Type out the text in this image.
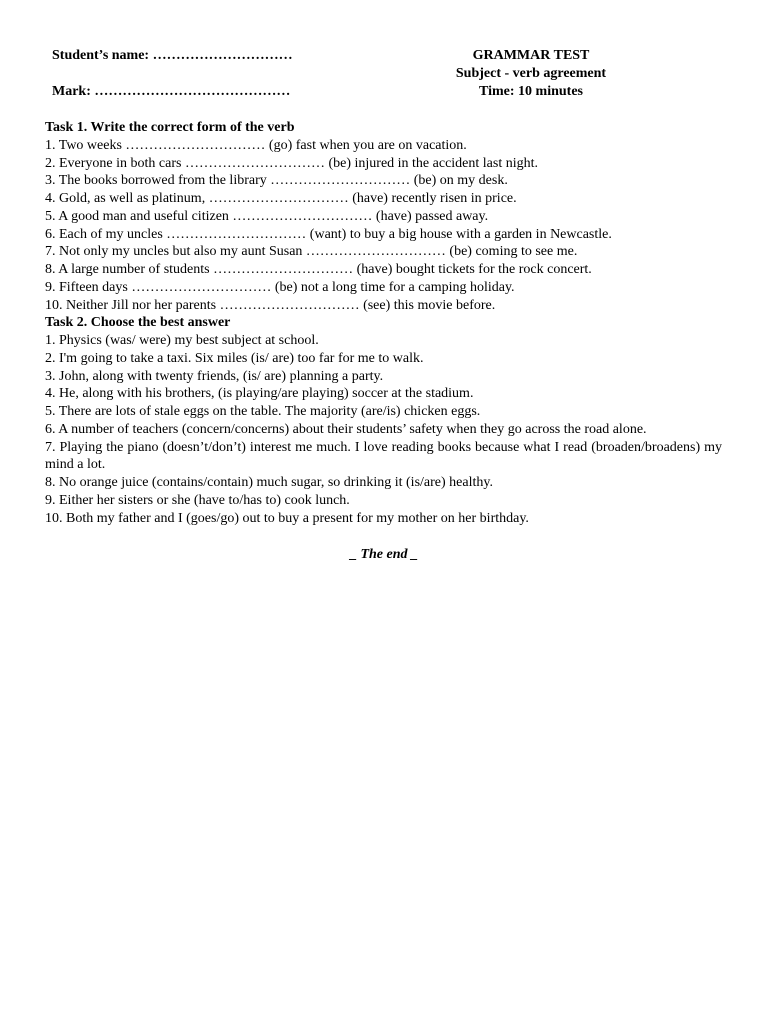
Student’s name: …………………………
Mark: ……………………………………
GRAMMAR TEST
Subject - verb agreement
Time: 10 minutes
Task 1. Write the correct form of the verb
1. Two weeks ………………………… (go) fast when you are on vacation.
2. Everyone in both cars ………………………… (be) injured in the accident last night.
3. The books borrowed from the library ………………………… (be) on my desk.
4. Gold, as well as platinum, ………………………… (have) recently risen in price.
5. A good man and useful citizen ………………………… (have) passed away.
6. Each of my uncles ………………………… (want) to buy a big house with a garden in Newcastle.
7. Not only my uncles but also my aunt Susan ………………………… (be) coming to see me.
8. A large number of students ………………………… (have) bought tickets for the rock concert.
9. Fifteen days ………………………… (be) not a long time for a camping holiday.
10. Neither Jill nor her parents ………………………… (see) this movie before.
Task 2. Choose the best answer
1. Physics (was/ were) my best subject at school.
2. I'm going to take a taxi. Six miles (is/ are) too far for me to walk.
3. John, along with twenty friends, (is/ are) planning a party.
4. He, along with his brothers, (is playing/are playing) soccer at the stadium.
5. There are lots of stale eggs on the table. The majority (are/is) chicken eggs.
6. A number of teachers (concern/concerns) about their students’ safety when they go across the road alone.
7. Playing the piano (doesn’t/don’t) interest me much. I love reading books because what I read (broaden/broadens) my mind a lot.
8. No orange juice (contains/contain) much sugar, so drinking it (is/are) healthy.
9. Either her sisters or she (have to/has to) cook lunch.
10. Both my father and I (goes/go) out to buy a present for my mother on her birthday.
_ The end _
